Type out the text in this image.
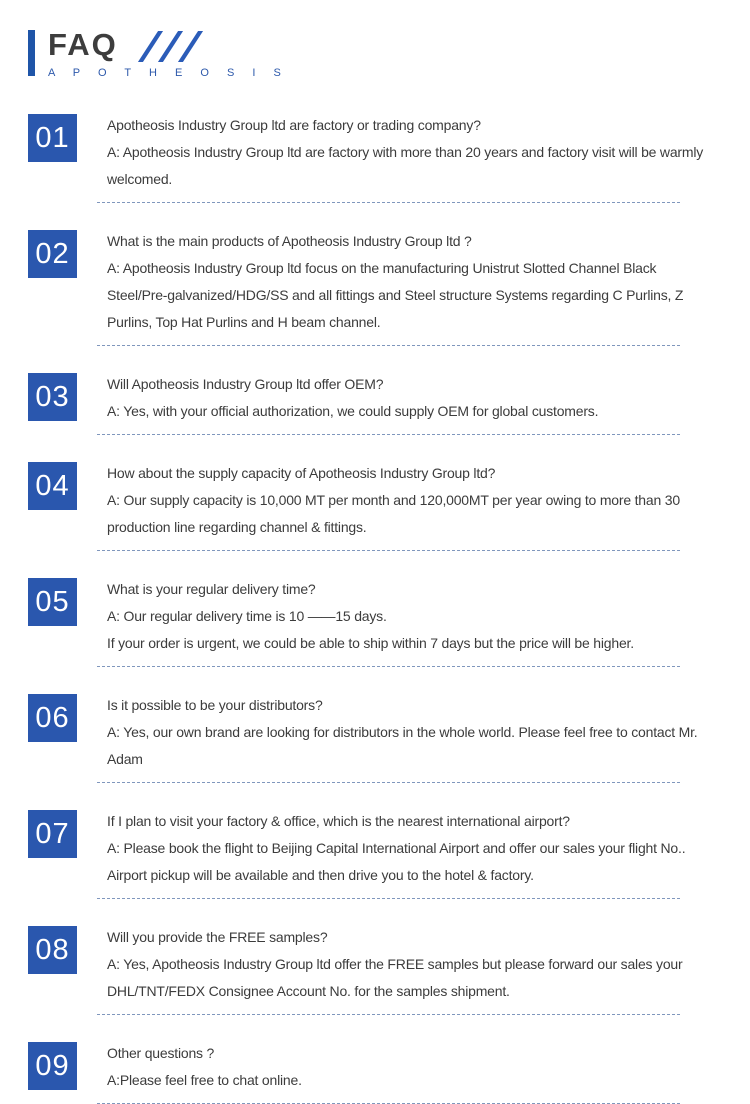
FAQ
A P O T H E O S I S
01	Apotheosis Industry Group ltd are factory or trading company?

A: Apotheosis Industry Group ltd are factory with more than 20 years and factory visit will be warmly welcomed.

02	What is the main products of Apotheosis Industry Group ltd ?

A: Apotheosis Industry Group ltd focus on the manufacturing Unistrut Slotted Channel Black Steel/Pre-galvanized/HDG/SS and all fittings and Steel structure Systems regarding C Purlins, Z Purlins, Top Hat Purlins and H beam channel.

03	Will Apotheosis Industry Group ltd offer OEM?

A: Yes, with your official authorization, we could supply OEM for global customers.

04	How about the supply capacity of Apotheosis Industry Group ltd?

A: Our supply capacity is 10,000 MT per month and 120,000MT per year owing to more than 30 production line regarding channel & fittings.

05	What is your regular delivery time?

A: Our regular delivery time is 10 ——15 days.

If your order is urgent, we could be able to ship within 7 days but the price will be higher.

06	Is it possible to be your distributors?

A: Yes, our own brand are looking for distributors in the whole world. Please feel free to contact Mr. Adam

07	If I plan to visit your factory & office, which is the nearest international airport?

A: Please book the flight to Beijing Capital International Airport and offer our sales your flight No.. Airport pickup will be available and then drive you to the hotel & factory.

08	Will you provide the FREE samples?

A: Yes, Apotheosis Industry Group ltd offer the FREE samples but please forward our sales your DHL/TNT/FEDX Consignee Account No. for the samples shipment.

09	Other questions ?

A:Please feel free to chat online.
